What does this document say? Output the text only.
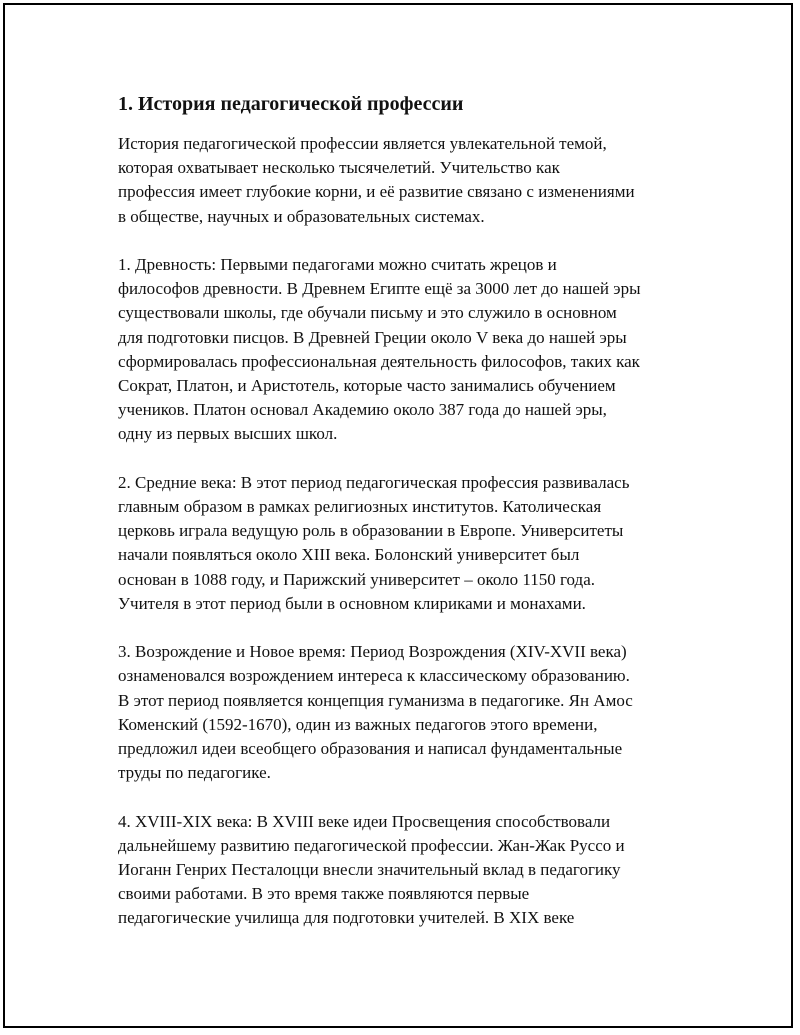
1. История педагогической профессии
История педагогической профессии является увлекательной темой,
которая охватывает несколько тысячелетий. Учительство как
профессия имеет глубокие корни, и её развитие связано с изменениями
в обществе, научных и образовательных системах.
1. Древность: Первыми педагогами можно считать жрецов и
философов древности. В Древнем Египте ещё за 3000 лет до нашей эры
существовали школы, где обучали письму и это служило в основном
для подготовки писцов. В Древней Греции около V века до нашей эры
сформировалась профессиональная деятельность философов, таких как
Сократ, Платон, и Аристотель, которые часто занимались обучением
учеников. Платон основал Академию около 387 года до нашей эры,
одну из первых высших школ.
2. Средние века: В этот период педагогическая профессия развивалась
главным образом в рамках религиозных институтов. Католическая
церковь играла ведущую роль в образовании в Европе. Университеты
начали появляться около XIII века. Болонский университет был
основан в 1088 году, и Парижский университет – около 1150 года.
Учителя в этот период были в основном клириками и монахами.
3. Возрождение и Новое время: Период Возрождения (XIV-XVII века)
ознаменовался возрождением интереса к классическому образованию.
В этот период появляется концепция гуманизма в педагогике. Ян Амос
Коменский (1592-1670), один из важных педагогов этого времени,
предложил идеи всеобщего образования и написал фундаментальные
труды по педагогике.
4. XVIII-XIX века: В XVIII веке идеи Просвещения способствовали
дальнейшему развитию педагогической профессии. Жан-Жак Руссо и
Иоганн Генрих Песталоцци внесли значительный вклад в педагогику
своими работами. В это время также появляются первые
педагогические училища для подготовки учителей. В XIX веке
